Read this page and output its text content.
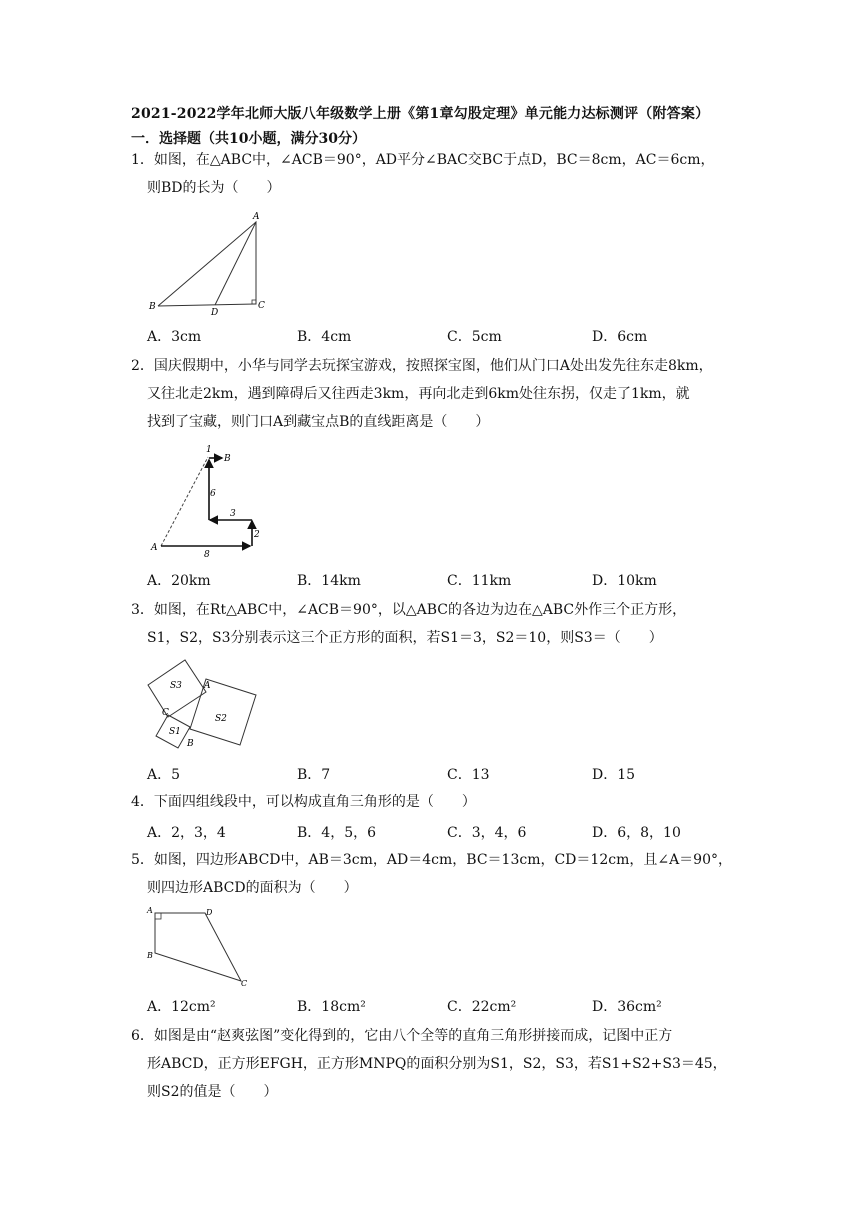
2021-2022学年北师大版八年级数学上册《第1章勾股定理》单元能力达标测评（附答案）
一．选择题（共10小题，满分30分）
1．如图，在△ABC中，∠ACB＝90°，AD平分∠BAC交BC于点D，BC＝8cm，AC＝6cm，
则BD的长为（　　）
A
B
D
C
A．3cm	B．4cm	C．5cm	D．6cm
2．国庆假期中，小华与同学去玩探宝游戏，按照探宝图，他们从门口A处出发先往东走8km，
又往北走2km，遇到障碍后又往西走3km，再向北走到6km处往东拐，仅走了1km，就
找到了宝藏，则门口A到藏宝点B的直线距离是（　　）
1
B
6
3
2
A
8
A．20km	B．14km	C．11km	D．10km
3．如图，在Rt△ABC中，∠ACB＝90°，以△ABC的各边为边在△ABC外作三个正方形，
S1，S2，S3分别表示这三个正方形的面积，若S1＝3，S2＝10，则S3＝（　　）
S3 A
C
S2
S1
B
A．5	B．7	C．13	D．15
4．下面四组线段中，可以构成直角三角形的是（　　）
A．2，3，4	B．4，5，6	C．3，4，6	D．6，8，10
5．如图，四边形ABCD中，AB＝3cm，AD＝4cm，BC＝13cm，CD＝12cm，且∠A＝90°，
则四边形ABCD的面积为（　　）
A	D
B
C
A．12cm²	B．18cm²	C．22cm²	D．36cm²
6．如图是由“赵爽弦图”变化得到的，它由八个全等的直角三角形拼接而成，记图中正方
形ABCD，正方形EFGH，正方形MNPQ的面积分别为S1，S2，S3，若S1+S2+S3＝45，
则S2的值是（　　）
